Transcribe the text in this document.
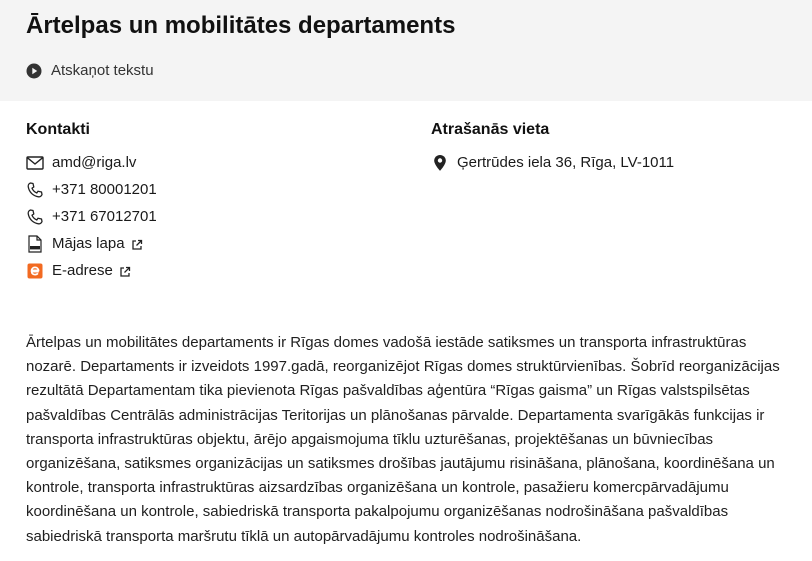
Ārtelpas un mobilitātes departaments
Atskaņot tekstu
Kontakti
amd@riga.lv
+371 80001201
+371 67012701
Mājas lapa
E-adrese
Atrašanās vieta
Ģertrūdes iela 36, Rīga, LV-1011

Ārtelpas un mobilitātes departaments ir Rīgas domes vadošā iestāde satiksmes un transporta infrastruktūras nozarē. Departaments ir izveidots 1997.gadā, reorganizējot Rīgas domes struktūrvienības. Šobrīd reorganizācijas rezultātā Departamentam tika pievienota Rīgas pašvaldības aģentūra “Rīgas gaisma” un Rīgas valstspilsētas pašvaldības Centrālās administrācijas Teritorijas un plānošanas pārvalde. Departamenta svarīgākās funkcijas ir transporta infrastruktūras objektu, ārējo apgaismojuma tīklu uzturēšanas, projektēšanas un būvniecības organizēšana, satiksmes organizācijas un satiksmes drošības jautājumu risināšana, plānošana, koordinēšana un kontrole, transporta infrastruktūras aizsardzības organizēšana un kontrole, pasažieru komercpārvadājumu koordinēšana un kontrole, sabiedriskā transporta pakalpojumu organizēšanas nodrošināšana pašvaldības sabiedriskā transporta maršrutu tīklā un autopārvadājumu kontroles nodrošināšana.
